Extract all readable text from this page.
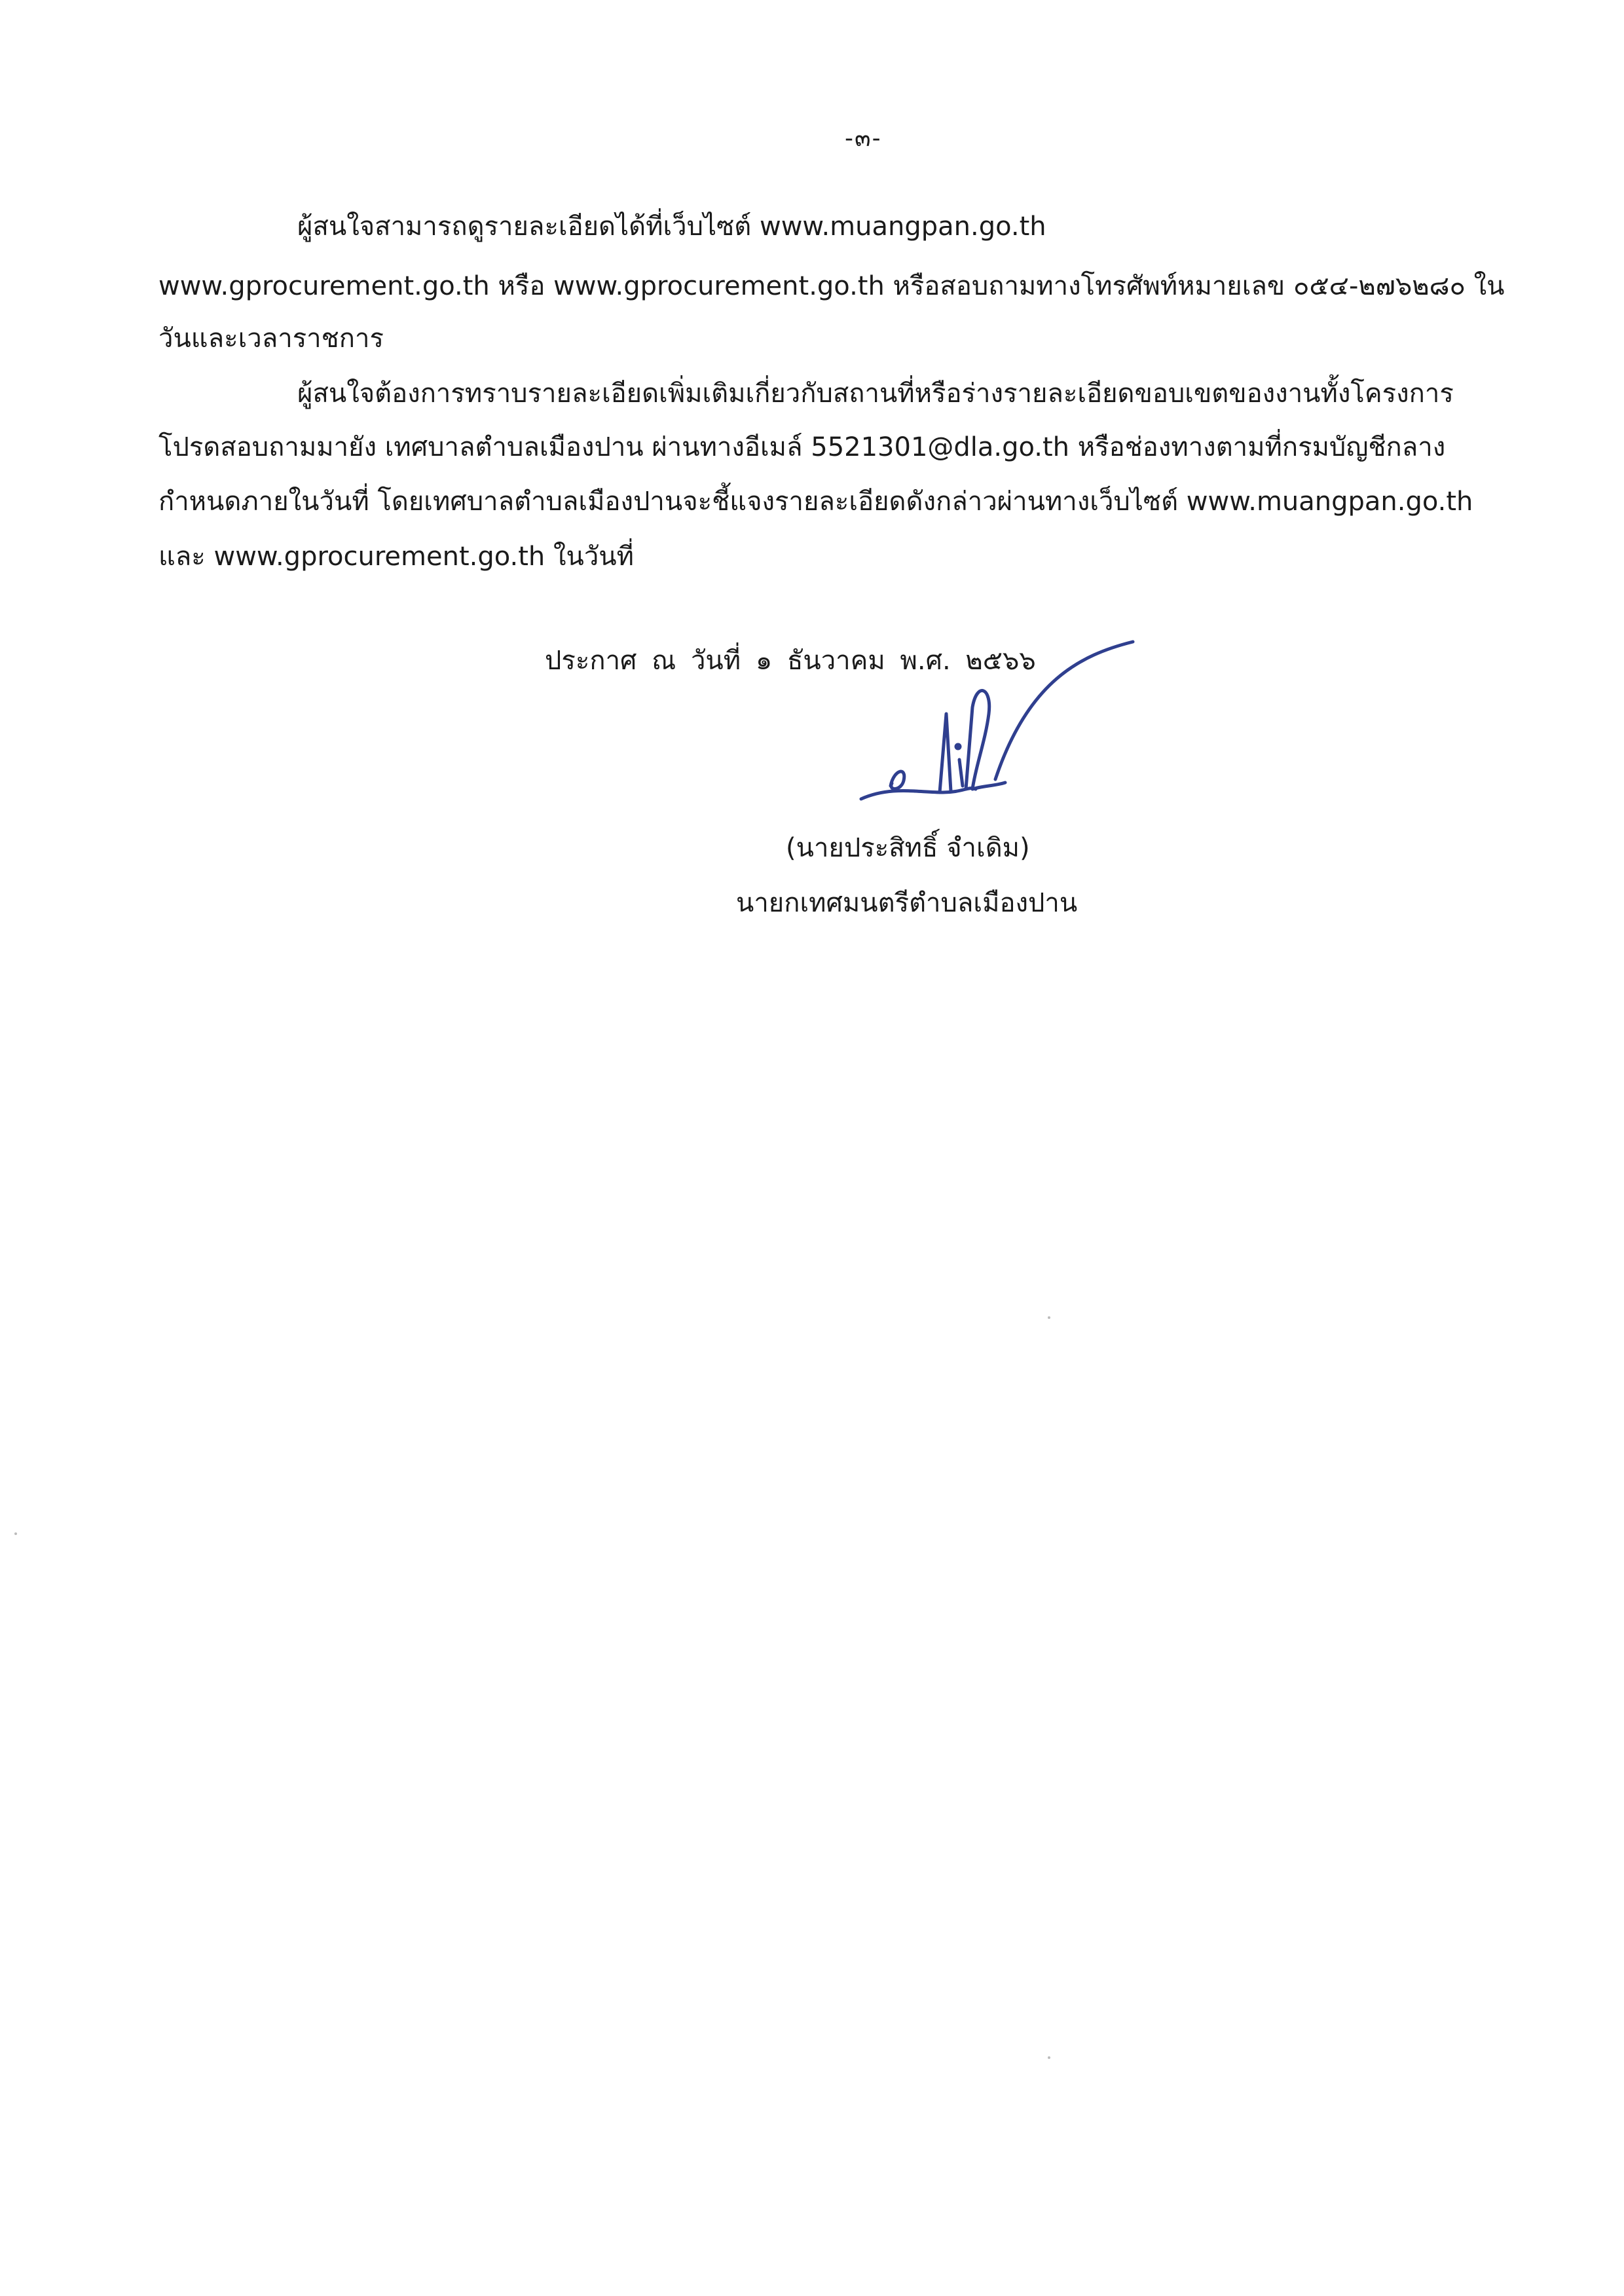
-๓-
ผู้สนใจสามารถดูรายละเอียดได้ที่เว็บไซต์ www.muangpan.go.th
www.gprocurement.go.th หรือ www.gprocurement.go.th หรือสอบถามทางโทรศัพท์หมายเลข ๐๕๔-๒๗๖๒๘๐ ใน
วันและเวลาราชการ
ผู้สนใจต้องการทราบรายละเอียดเพิ่มเติมเกี่ยวกับสถานที่หรือร่างรายละเอียดขอบเขตของงานทั้งโครงการ
โปรดสอบถามมายัง เทศบาลตำบลเมืองปาน ผ่านทางอีเมล์ 5521301@dla.go.th หรือช่องทางตามที่กรมบัญชีกลาง
กำหนดภายในวันที่ โดยเทศบาลตำบลเมืองปานจะชี้แจงรายละเอียดดังกล่าวผ่านทางเว็บไซต์ www.muangpan.go.th
และ www.gprocurement.go.th ในวันที่
ประกาศ ณ วันที่ ๑ ธันวาคม พ.ศ. ๒๕๖๖
(นายประสิทธิ์ จำเดิม)
นายกเทศมนตรีตำบลเมืองปาน
